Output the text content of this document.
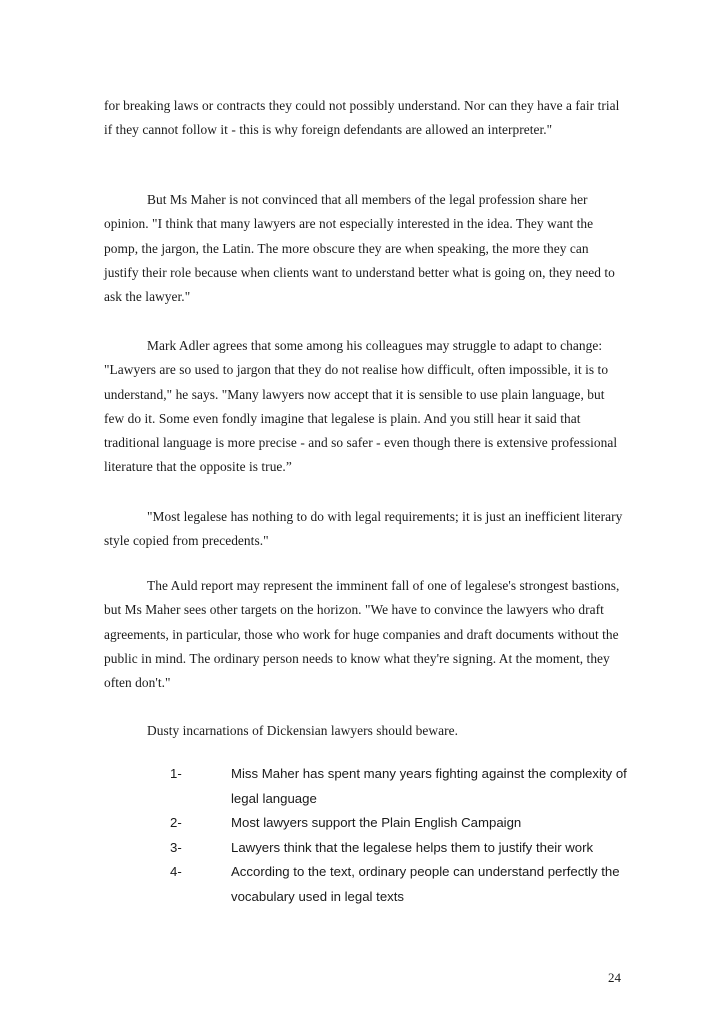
for breaking laws or contracts they could not possibly understand. Nor can they have a fair trial if they cannot follow it - this is why foreign defendants are allowed an interpreter."

But Ms Maher is not convinced that all members of the legal profession share her opinion. "I think that many lawyers are not especially interested in the idea. They want the pomp, the jargon, the Latin. The more obscure they are when speaking, the more they can justify their role because when clients want to understand better what is going on, they need to ask the lawyer."

Mark Adler agrees that some among his colleagues may struggle to adapt to change: "Lawyers are so used to jargon that they do not realise how difficult, often impossible, it is to understand," he says. "Many lawyers now accept that it is sensible to use plain language, but few do it. Some even fondly imagine that legalese is plain. And you still hear it said that traditional language is more precise - and so safer - even though there is extensive professional literature that the opposite is true.”

"Most legalese has nothing to do with legal requirements; it is just an inefficient literary style copied from precedents."

The Auld report may represent the imminent fall of one of legalese's strongest bastions, but Ms Maher sees other targets on the horizon. "We have to convince the lawyers who draft agreements, in particular, those who work for huge companies and draft documents without the public in mind. The ordinary person needs to know what they're signing. At the moment, they often don't."

Dusty incarnations of Dickensian lawyers should beware.

1-	Miss Maher has spent many years fighting against the complexity of legal language
2-	Most lawyers support the Plain English Campaign
3-	Lawyers think that the legalese helps them to justify their work
4-	According to the text, ordinary people can understand perfectly the vocabulary used in legal texts
24
